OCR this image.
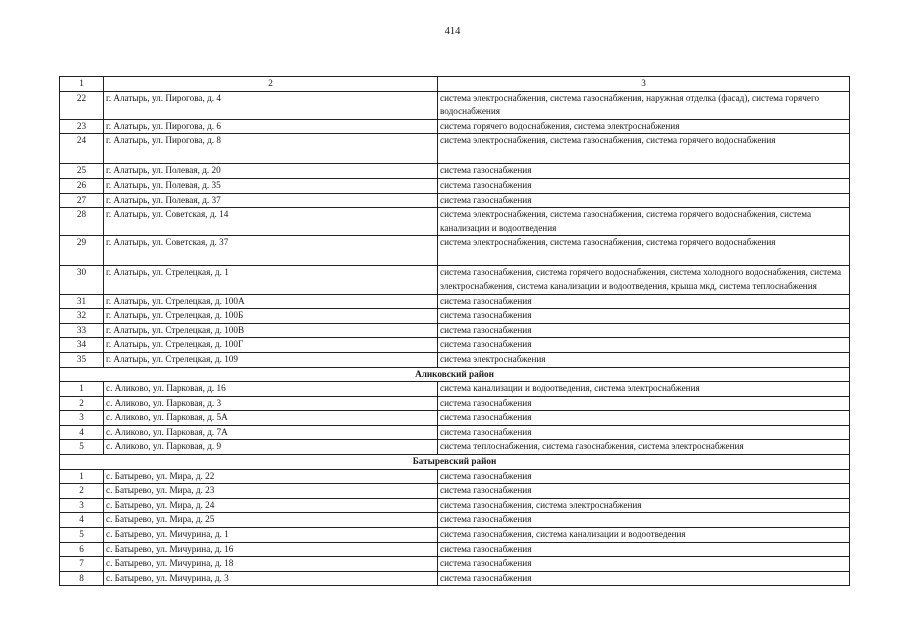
414
1	2	3
22	г. Алатырь, ул. Пирогова, д. 4	система электроснабжения, система газоснабжения, наружная отделка (фасад), система горячего водоснабжения
23	г. Алатырь, ул. Пирогова, д. 6	система горячего водоснабжения, система электроснабжения
24	г. Алатырь, ул. Пирогова, д. 8	система электроснабжения, система газоснабжения, система горячего водоснабжения
25	г. Алатырь, ул. Полевая, д. 20	система газоснабжения
26	г. Алатырь, ул. Полевая, д. 35	система газоснабжения
27	г. Алатырь, ул. Полевая, д. 37	система газоснабжения
28	г. Алатырь, ул. Советская, д. 14	система электроснабжения, система газоснабжения, система горячего водоснабжения, система канализации и водоотведения
29	г. Алатырь, ул. Советская, д. 37	система электроснабжения, система газоснабжения, система горячего водоснабжения
30	г. Алатырь, ул. Стрелецкая, д. 1	система газоснабжения, система горячего водоснабжения, система холодного водоснабжения, система электроснабжения, система канализации и водоотведения, крыша мкд, система теплоснабжения
31	г. Алатырь, ул. Стрелецкая, д. 100А	система газоснабжения
32	г. Алатырь, ул. Стрелецкая, д. 100Б	система газоснабжения
33	г. Алатырь, ул. Стрелецкая, д. 100В	система газоснабжения
34	г. Алатырь, ул. Стрелецкая, д. 100Г	система газоснабжения
35	г. Алатырь, ул. Стрелецкая, д. 109	система электроснабжения
Аликовский район		
1	с. Аликово, ул. Парковая, д. 16	система канализации и водоотведения, система электроснабжения
2	с. Аликово, ул. Парковая, д. 3	система газоснабжения
3	с. Аликово, ул. Парковая, д. 5А	система газоснабжения
4	с. Аликово, ул. Парковая, д. 7А	система газоснабжения
5	с. Аликово, ул. Парковая, д. 9	система теплоснабжения, система газоснабжения, система электроснабжения
Батыревский район		
1	с. Батырево, ул. Мира, д. 22	система газоснабжения
2	с. Батырево, ул. Мира, д. 23	система газоснабжения
3	с. Батырево, ул. Мира, д. 24	система газоснабжения, система электроснабжения
4	с. Батырево, ул. Мира, д. 25	система газоснабжения
5	с. Батырево, ул. Мичурина, д. 1	система газоснабжения, система канализации и водоотведения
6	с. Батырево, ул. Мичурина, д. 16	система газоснабжения
7	с. Батырево, ул. Мичурина, д. 18	система газоснабжения
8	с. Батырево, ул. Мичурина, д. 3	система газоснабжения
